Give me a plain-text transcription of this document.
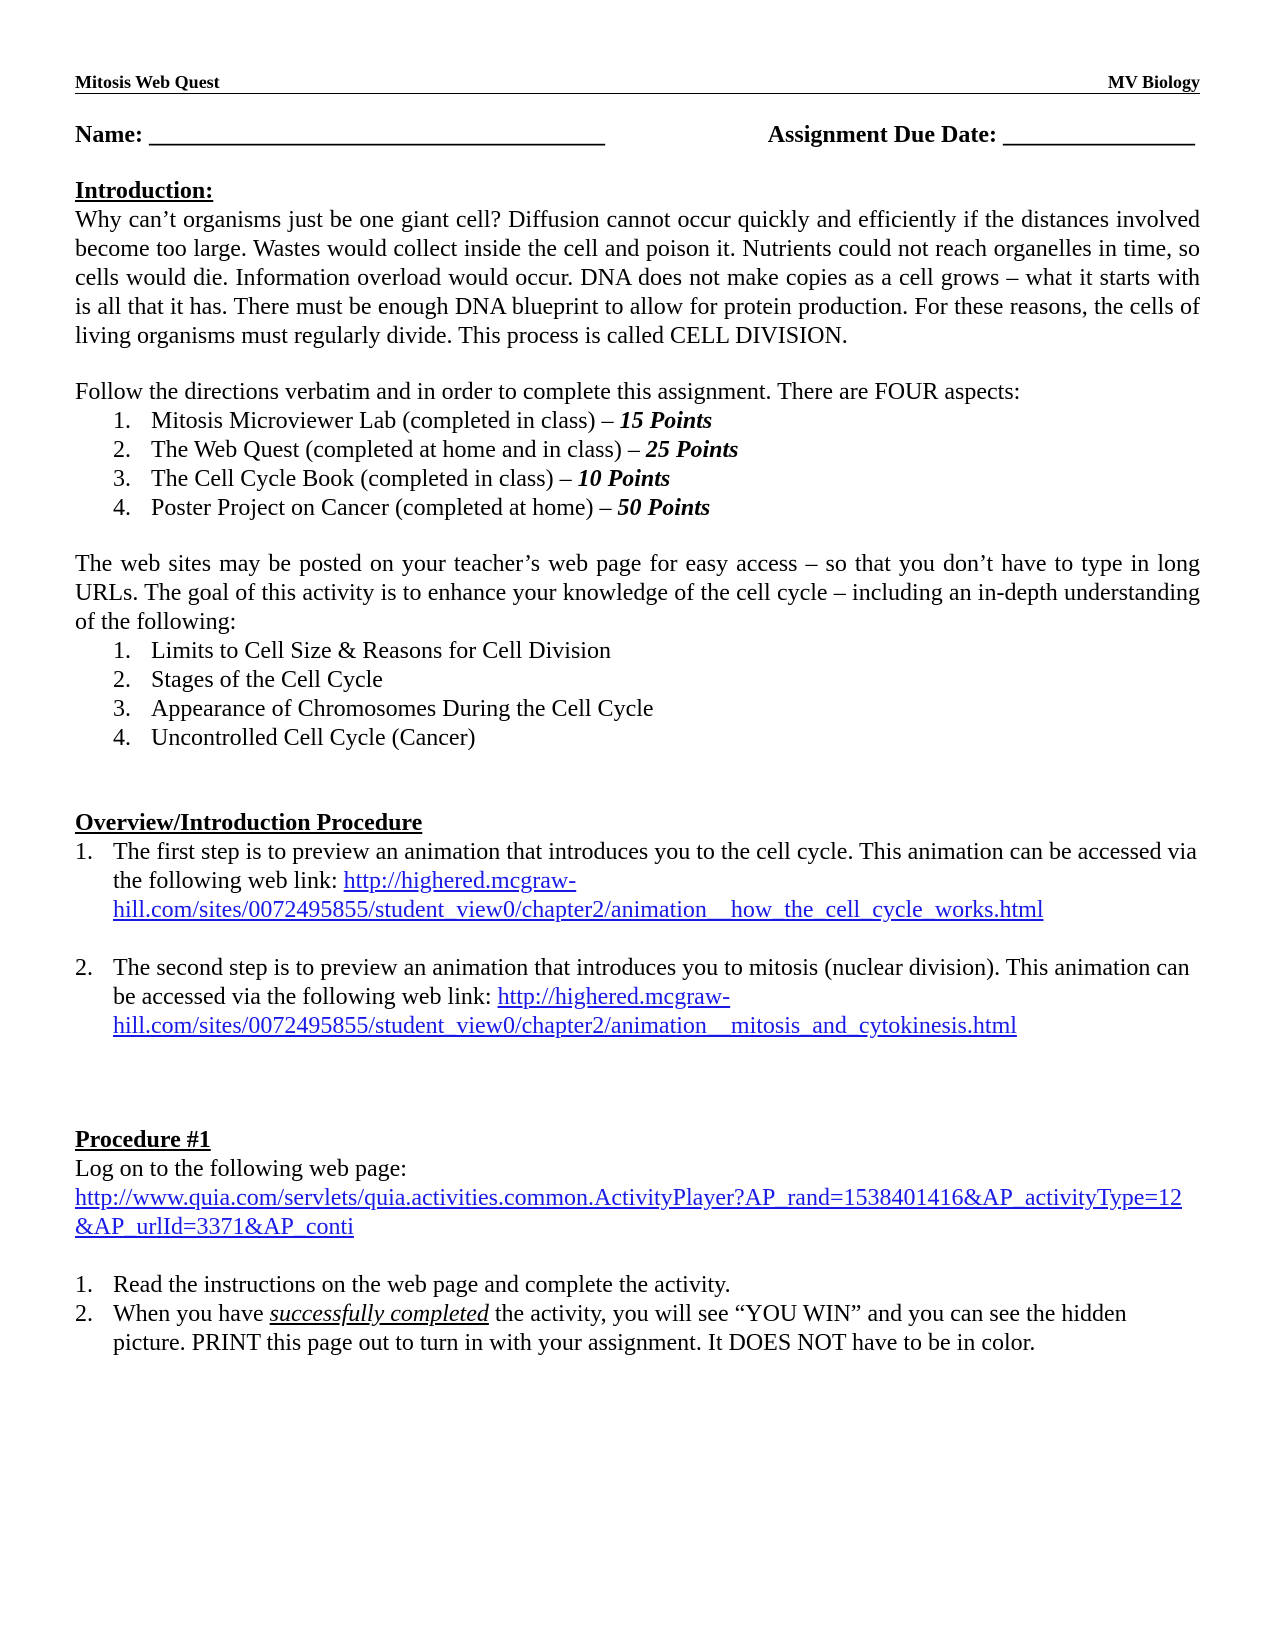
Mitosis Web Quest	MV Biology
Name: ______________________________________	Assignment Due Date: ________________
Introduction:

Why can’t organisms just be one giant cell? Diffusion cannot occur quickly and efficiently if the distances involved become too large. Wastes would collect inside the cell and poison it. Nutrients could not reach organelles in time, so cells would die. Information overload would occur. DNA does not make copies as a cell grows – what it starts with is all that it has. There must be enough DNA blueprint to allow for protein production. For these reasons, the cells of living organisms must regularly divide. This process is called CELL DIVISION.

Follow the directions verbatim and in order to complete this assignment. There are FOUR aspects:

1. Mitosis Microviewer Lab (completed in class) – 15 Points
2. The Web Quest (completed at home and in class) – 25 Points
3. The Cell Cycle Book (completed in class) – 10 Points
4. Poster Project on Cancer (completed at home) – 50 Points

The web sites may be posted on your teacher’s web page for easy access – so that you don’t have to type in long URLs. The goal of this activity is to enhance your knowledge of the cell cycle – including an in-depth understanding of the following:

1. Limits to Cell Size & Reasons for Cell Division
2. Stages of the Cell Cycle
3. Appearance of Chromosomes During the Cell Cycle
4. Uncontrolled Cell Cycle (Cancer)
Overview/Introduction Procedure
1. The first step is to preview an animation that introduces you to the cell cycle. This animation can be accessed via the following web link: http://highered.mcgraw-hill.com/sites/0072495855/student_view0/chapter2/animation__how_the_cell_cycle_works.html
2. The second step is to preview an animation that introduces you to mitosis (nuclear division). This animation can be accessed via the following web link: http://highered.mcgraw-hill.com/sites/0072495855/student_view0/chapter2/animation__mitosis_and_cytokinesis.html
Procedure #1

Log on to the following web page:

http://www.quia.com/servlets/quia.activities.common.ActivityPlayer?AP_rand=1538401416&AP_activityType=12&AP_urlId=3371&AP_conti

1. Read the instructions on the web page and complete the activity.
2. When you have successfully completed the activity, you will see “YOU WIN” and you can see the hidden picture. PRINT this page out to turn in with your assignment. It DOES NOT have to be in color.
